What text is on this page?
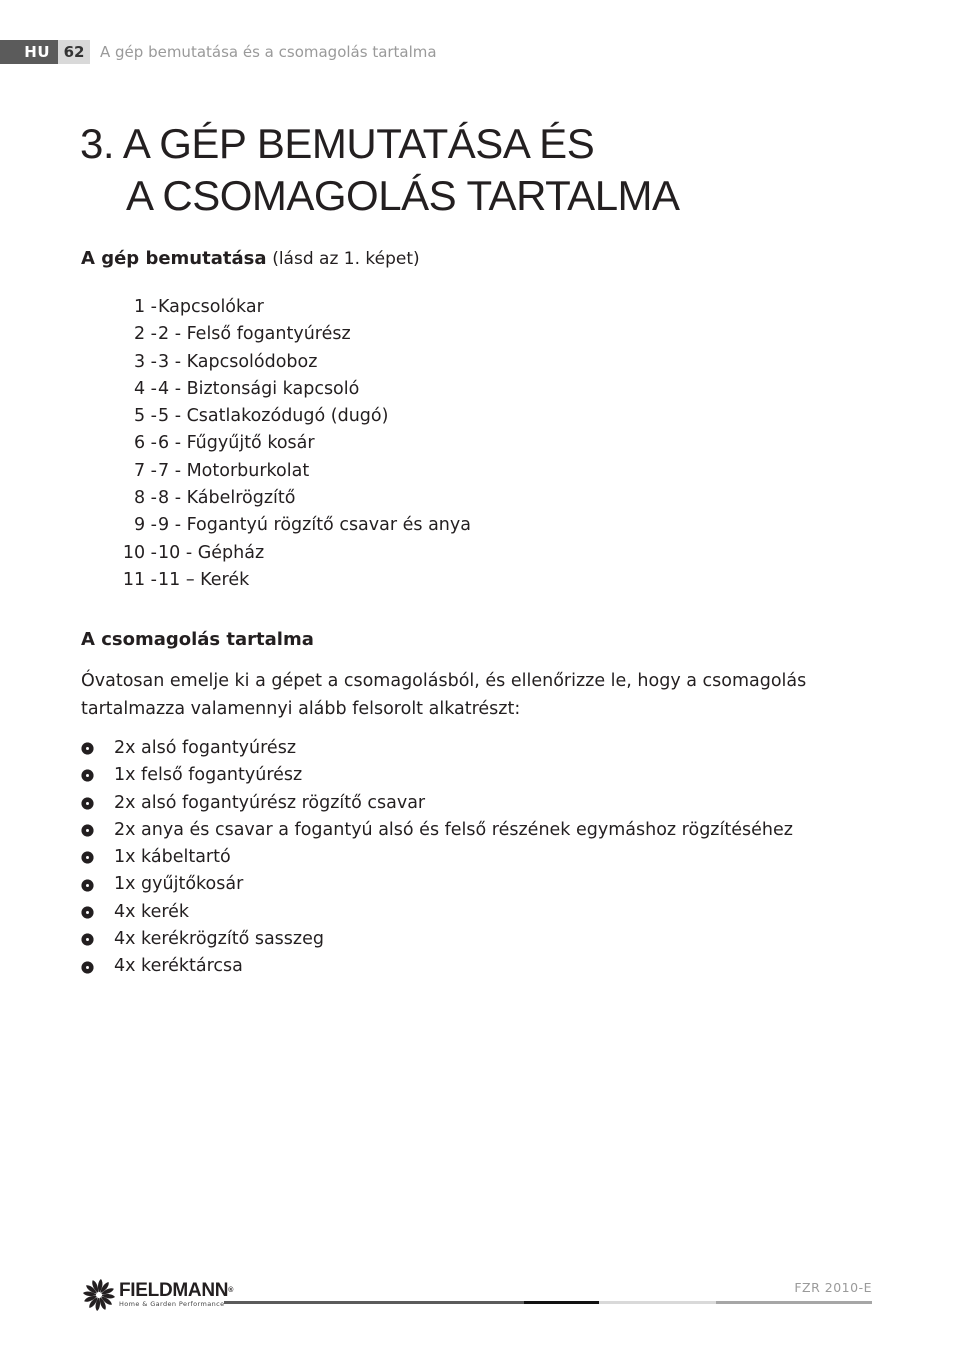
HU 62	A gép bemutatása és a csomagolás tartalma
3. A GÉP BEMUTATÁSA ÉS
A CSOMAGOLÁS TARTALMA

A gép bemutatása (lásd az 1. képet)

1 - Kapcsolókar
2 - 2 - Felső fogantyúrész
3 - 3 - Kapcsolódoboz
4 - 4 - Biztonsági kapcsoló
5 - 5 - Csatlakozódugó (dugó)
6 - 6 - Fűgyűjtő kosár
7 - 7 - Motorburkolat
8 - 8 - Kábelrögzítő
9 - 9 - Fogantyú rögzítő csavar és anya
10 - 10 - Gépház
11 - 11 – Kerék

A csomagolás tartalma

Óvatosan emelje ki a gépet a csomagolásból, és ellenőrizze le, hogy a csomagolás tartalmazza valamennyi alább felsorolt alkatrészt:

2x alsó fogantyúrész
1x felső fogantyúrész
2x alsó fogantyúrész rögzítő csavar
2x anya és csavar a fogantyú alsó és felső részének egymáshoz rögzítéséhez
1x kábeltartó
1x gyűjtőkosár
4x kerék
4x kerékrögzítő sasszeg
4x keréktárcsa
FIELDMANN®
Home & Garden Performance
FZR 2010-E
